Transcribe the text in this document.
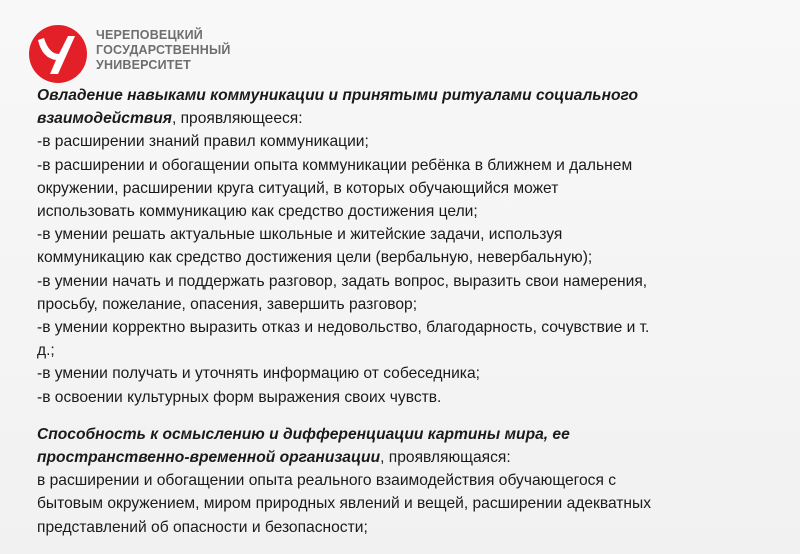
ЧЕРЕПОВЕЦКИЙ
ГОСУДАРСТВЕННЫЙ
УНИВЕРСИТЕТ
Овладение навыками коммуникации и принятыми ритуалами социального
взаимодействия, проявляющееся:
-в расширении знаний правил коммуникации;
-в расширении и обогащении опыта коммуникации ребёнка в ближнем и дальнем
окружении, расширении круга ситуаций, в которых обучающийся может
использовать коммуникацию как средство достижения цели;
-в умении решать актуальные школьные и житейские задачи, используя
коммуникацию как средство достижения цели (вербальную, невербальную);
-в умении начать и поддержать разговор, задать вопрос, выразить свои намерения,
просьбу, пожелание, опасения, завершить разговор;
-в умении корректно выразить отказ и недовольство, благодарность, сочувствие и т.
д.;
-в умении получать и уточнять информацию от собеседника;
-в освоении культурных форм выражения своих чувств.
Способность к осмыслению и дифференциации картины мира, ее
пространственно-временной организации, проявляющаяся:
в расширении и обогащении опыта реального взаимодействия обучающегося с
бытовым окружением, миром природных явлений и вещей, расширении адекватных
представлений об опасности и безопасности;
